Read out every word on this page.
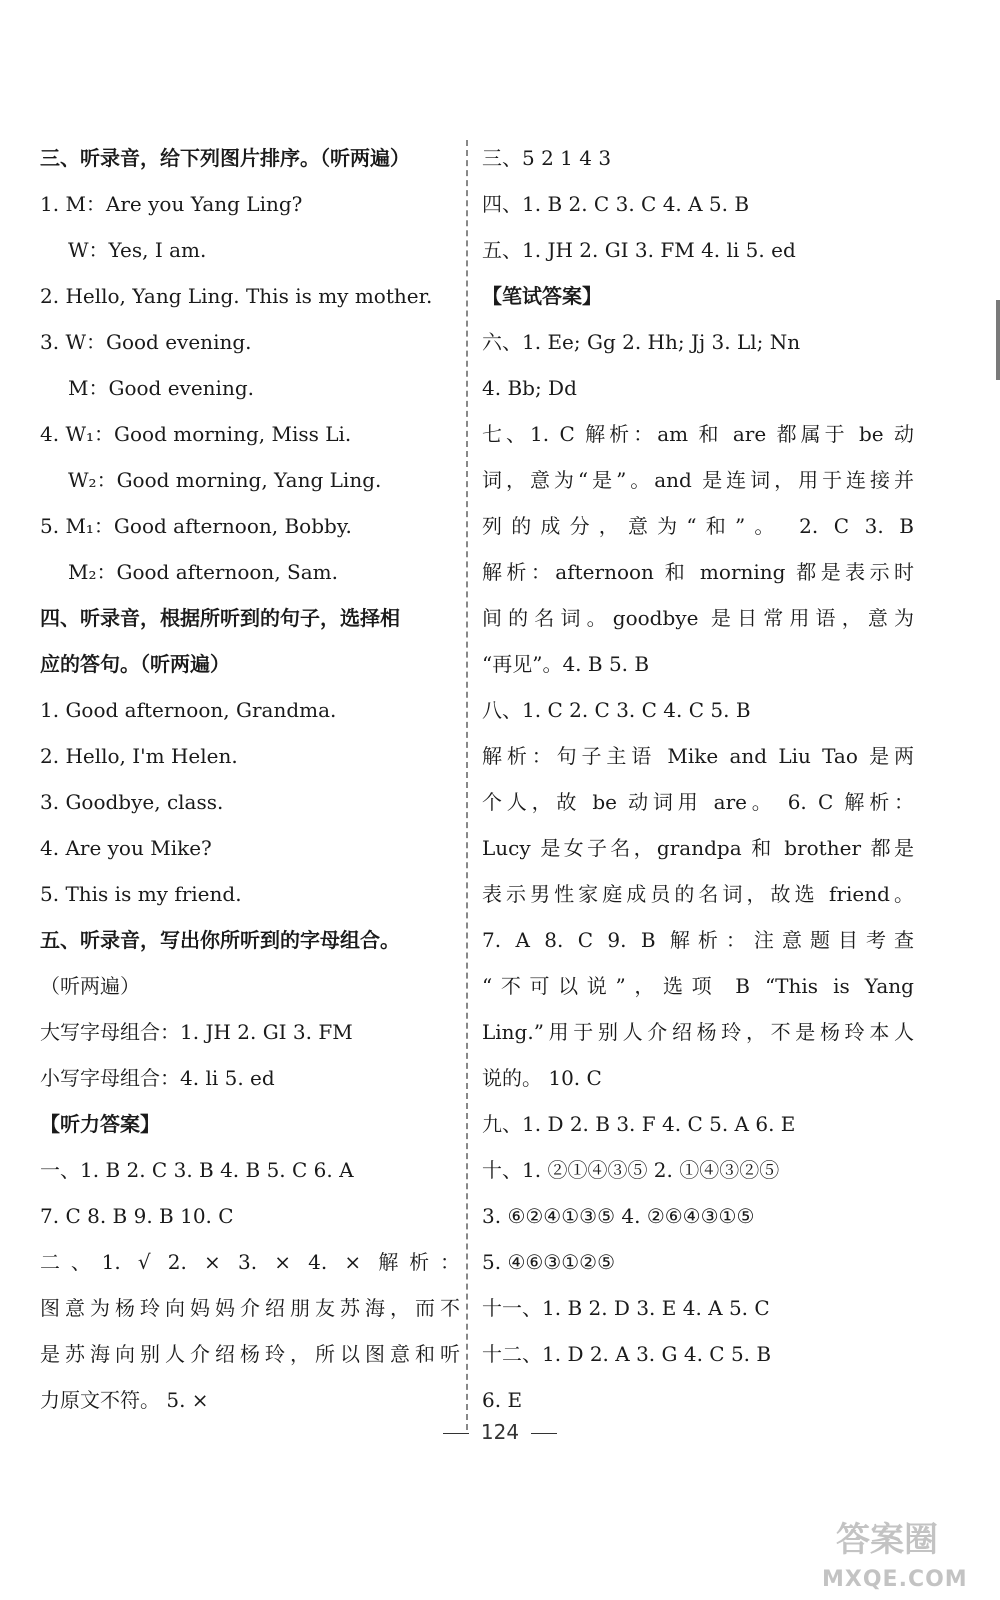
三、听录音，给下列图片排序。（听两遍）
1. M：Are you Yang Ling?
W：Yes, I am.
2. Hello, Yang Ling. This is my mother.
3. W：Good evening.
M：Good evening.
4. W₁：Good morning, Miss Li.
W₂：Good morning, Yang Ling.
5. M₁：Good afternoon, Bobby.
M₂：Good afternoon, Sam.
四、听录音，根据所听到的句子，选择相
应的答句。（听两遍）
1. Good afternoon, Grandma.
2. Hello, I'm Helen.
3. Goodbye, class.
4. Are you Mike?
5. This is my friend.
五、听录音，写出你所听到的字母组合。
（听两遍）
大写字母组合：1. JH 2. GI 3. FM
小写字母组合：4. li 5. ed
【听力答案】
一、1. B 2. C 3. B 4. B 5. C 6. A
7. C 8. B 9. B 10. C
二、1. √ 2. × 3. × 4. × 解析：
图意为杨玲向妈妈介绍朋友苏海，而不
是苏海向别人介绍杨玲，所以图意和听
力原文不符。 5. ×
三、5 2 1 4 3
四、1. B 2. C 3. C 4. A 5. B
五、1. JH 2. GI 3. FM 4. li 5. ed
【笔试答案】
六、1. Ee; Gg 2. Hh; Jj 3. Ll; Nn
4. Bb; Dd
七、1. C 解析：am 和 are 都属于 be 动
词，意为“是”。and 是连词，用于连接并
列的成分，意为“和”。 2. C 3. B
解析：afternoon 和 morning 都是表示时
间的名词。goodbye 是日常用语，意为
“再见”。4. B 5. B
八、1. C 2. C 3. C 4. C 5. B
解析：句子主语 Mike and Liu Tao 是两
个人，故 be 动词用 are。 6. C 解析：
Lucy 是女子名，grandpa 和 brother 都是
表示男性家庭成员的名词，故选 friend。
7. A 8. C 9. B 解析：注意题目考查
“不可以说”，选项 B “This is Yang
Ling.”用于别人介绍杨玲，不是杨玲本人
说的。 10. C
九、1. D 2. B 3. F 4. C 5. A 6. E
十、1. ②①④③⑤ 2. ①④③②⑤
3. ⑥②④①③⑤ 4. ②⑥④③①⑤
5. ④⑥③①②⑤
十一、1. B 2. D 3. E 4. A 5. C
十二、1. D 2. A 3. G 4. C 5. B
6. E
124
答案圈
MXQE.COM
